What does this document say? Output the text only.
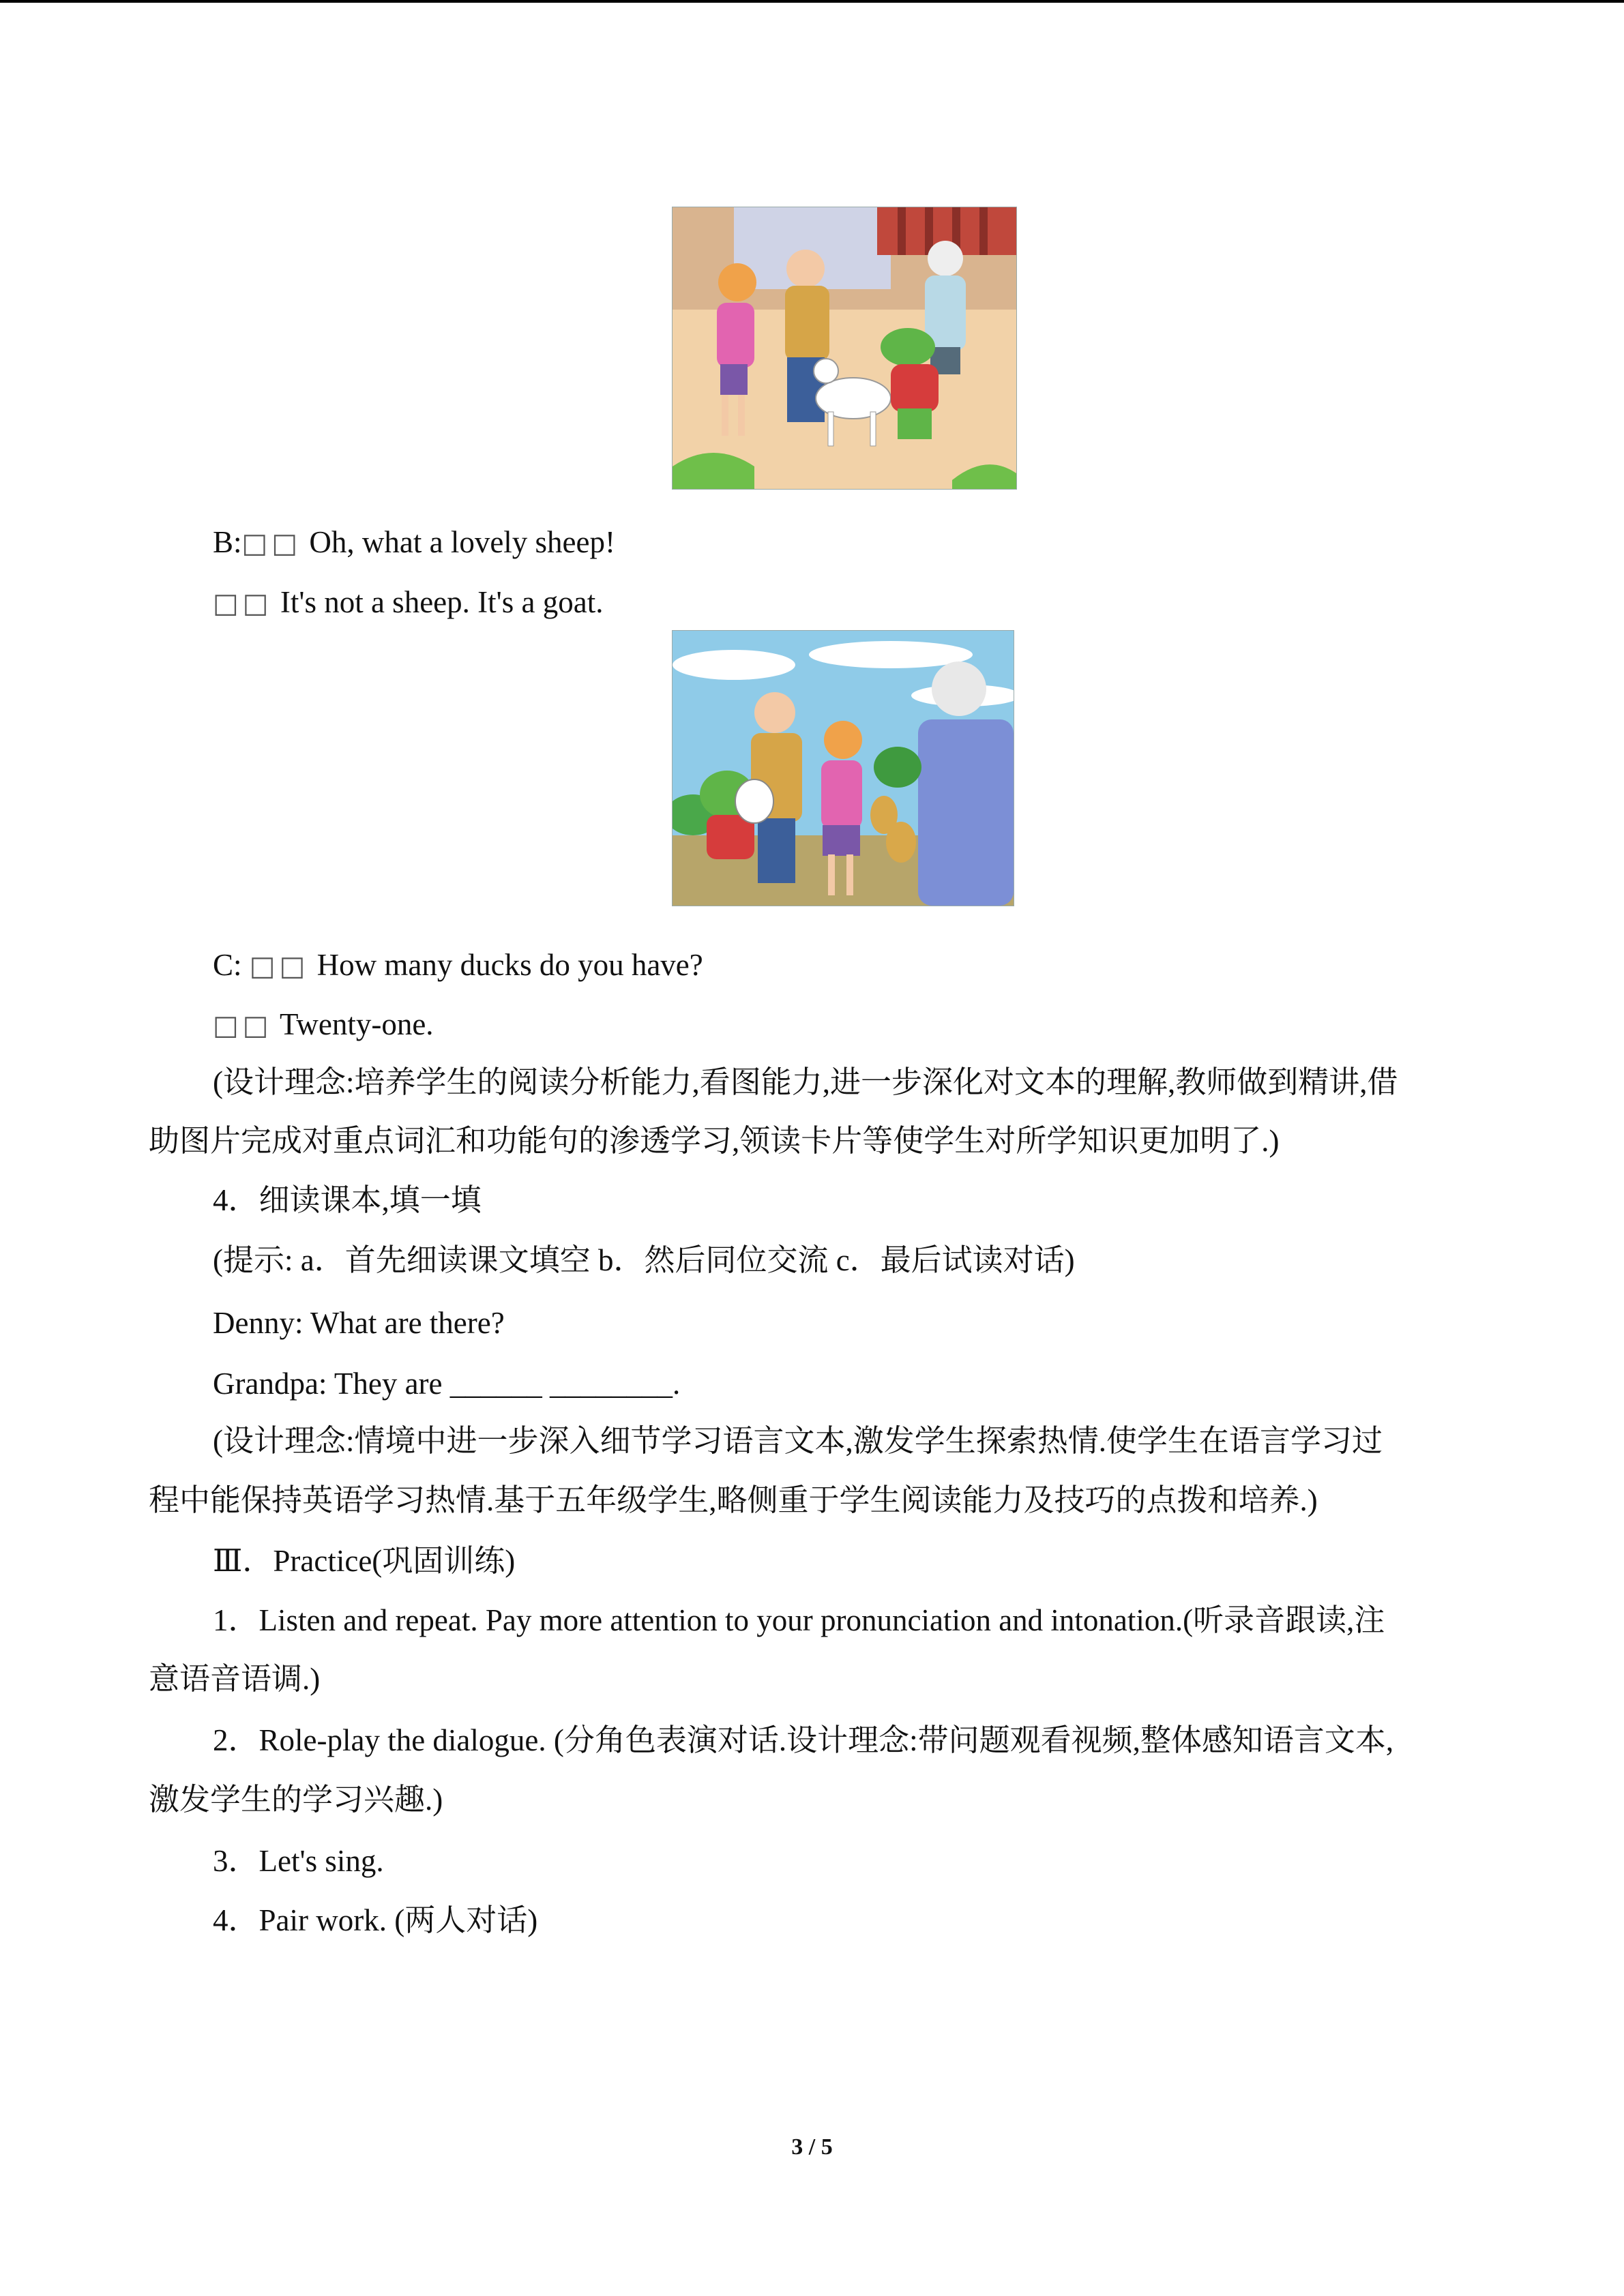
B:□□ Oh, what a lovely sheep!
□□ It's not a sheep. It's a goat.
C: □□ How many ducks do you have?
□□ Twenty-one.
(设计理念:培养学生的阅读分析能力,看图能力,进一步深化对文本的理解,教师做到精讲,借
助图片完成对重点词汇和功能句的渗透学习,领读卡片等使学生对所学知识更加明了.)
4．细读课本,填一填
(提示: a．首先细读课文填空 b．然后同位交流 c．最后试读对话)
Denny: What are there?
Grandpa: They are ______ ________.
(设计理念:情境中进一步深入细节学习语言文本,激发学生探索热情.使学生在语言学习过
程中能保持英语学习热情.基于五年级学生,略侧重于学生阅读能力及技巧的点拨和培养.)
Ⅲ．Practice(巩固训练)
1．Listen and repeat. Pay more attention to your pronunciation and intonation.(听录音跟读,注
意语音语调.)
2．Role-play the dialogue. (分角色表演对话.设计理念:带问题观看视频,整体感知语言文本,
激发学生的学习兴趣.)
3．Let's sing.
4．Pair work. (两人对话)
3 / 5
